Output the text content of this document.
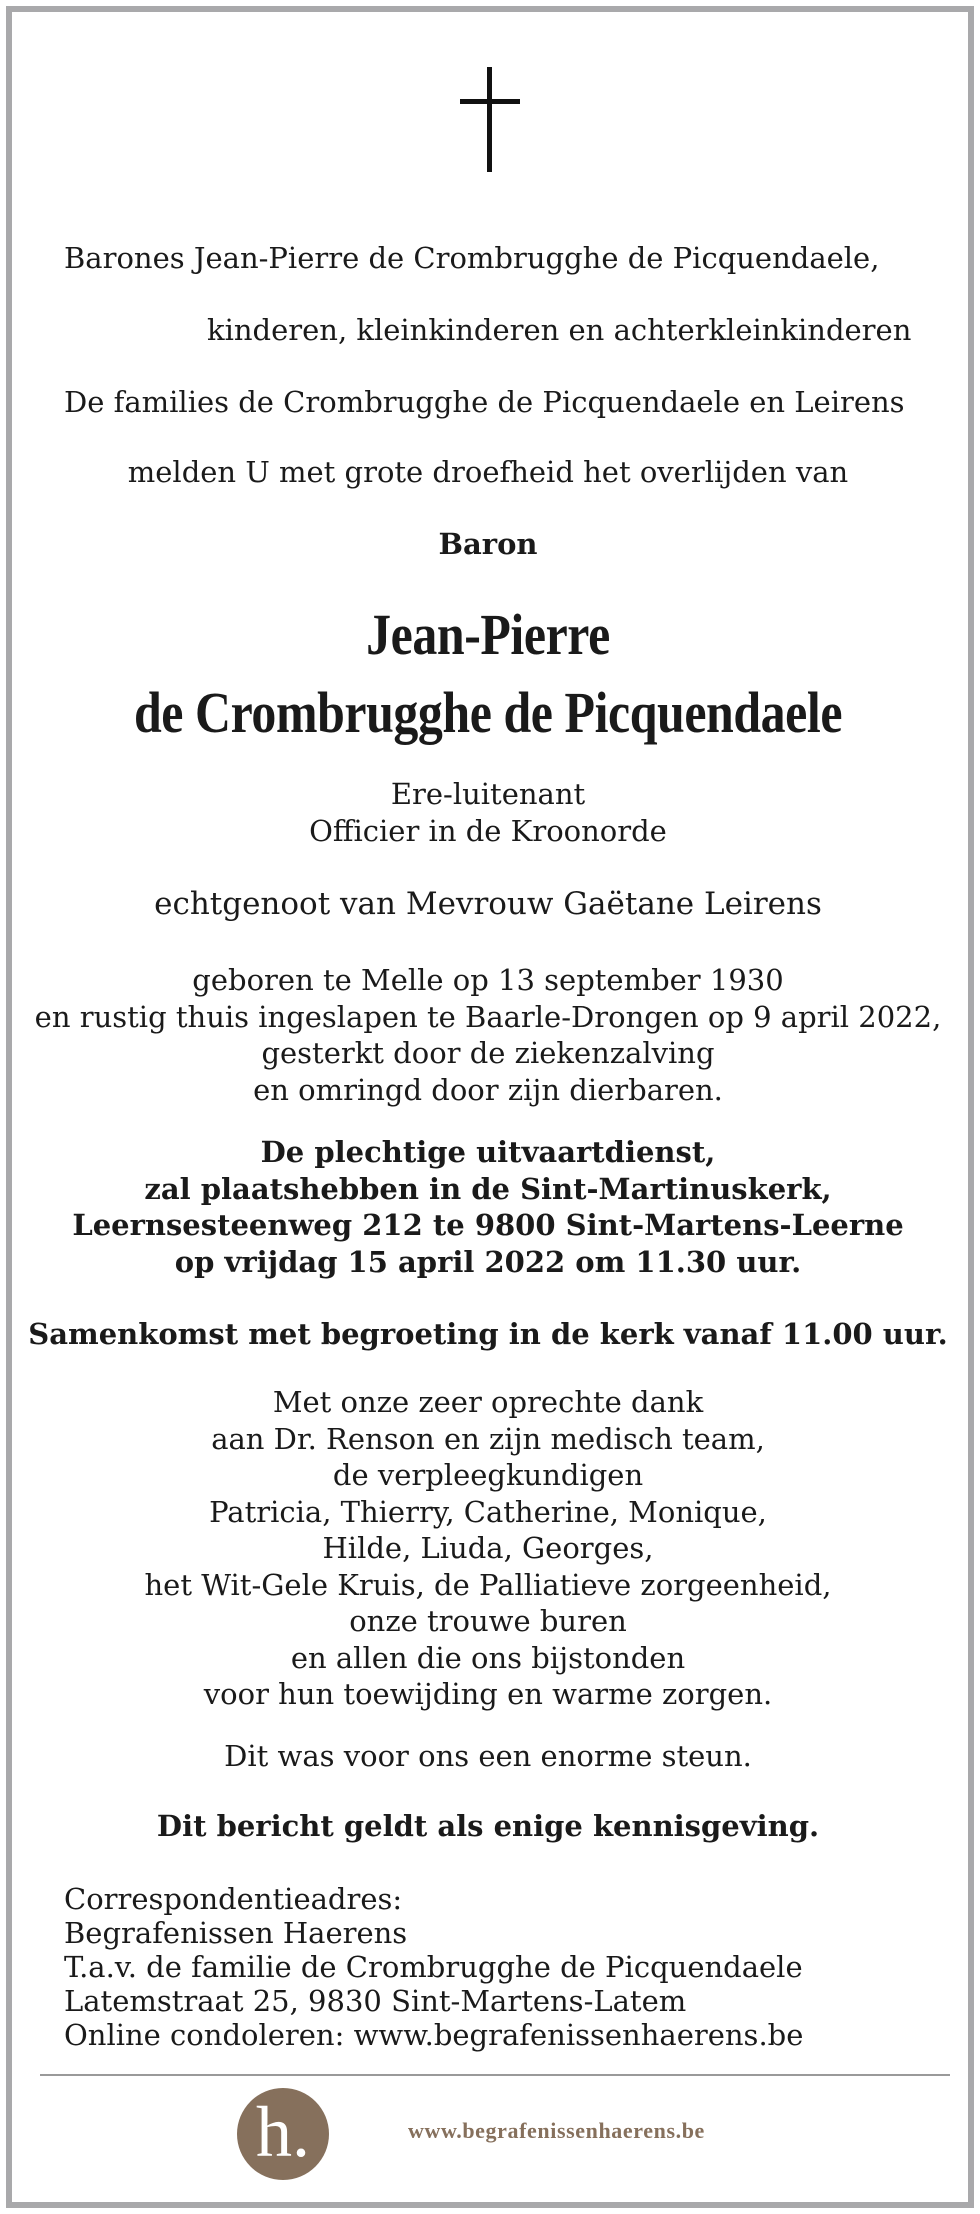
Barones Jean-Pierre de Crombrugghe de Picquendaele,
kinderen, kleinkinderen en achterkleinkinderen
De families de Crombrugghe de Picquendaele en Leirens
melden U met grote droefheid het overlijden van
Baron
Jean-Pierre
de Crombrugghe de Picquendaele
Ere-luitenant
Officier in de Kroonorde
echtgenoot van Mevrouw Gaëtane Leirens
geboren te Melle op 13 september 1930
en rustig thuis ingeslapen te Baarle-Drongen op 9 april 2022,
gesterkt door de ziekenzalving
en omringd door zijn dierbaren.
De plechtige uitvaartdienst,
zal plaatshebben in de Sint-Martinuskerk,
Leernsesteenweg 212 te 9800 Sint-Martens-Leerne
op vrijdag 15 april 2022 om 11.30 uur.
Samenkomst met begroeting in de kerk vanaf 11.00 uur.
Met onze zeer oprechte dank
aan Dr. Renson en zijn medisch team,
de verpleegkundigen
Patricia, Thierry, Catherine, Monique,
Hilde, Liuda, Georges,
het Wit-Gele Kruis, de Palliatieve zorgeenheid,
onze trouwe buren
en allen die ons bijstonden
voor hun toewijding en warme zorgen.
Dit was voor ons een enorme steun.
Dit bericht geldt als enige kennisgeving.
Correspondentieadres:
Begrafenissen Haerens
T.a.v. de familie de Crombrugghe de Picquendaele
Latemstraat 25, 9830 Sint-Martens-Latem
Online condoleren: www.begrafenissenhaerens.be
h.	www.begrafenissenhaerens.be
